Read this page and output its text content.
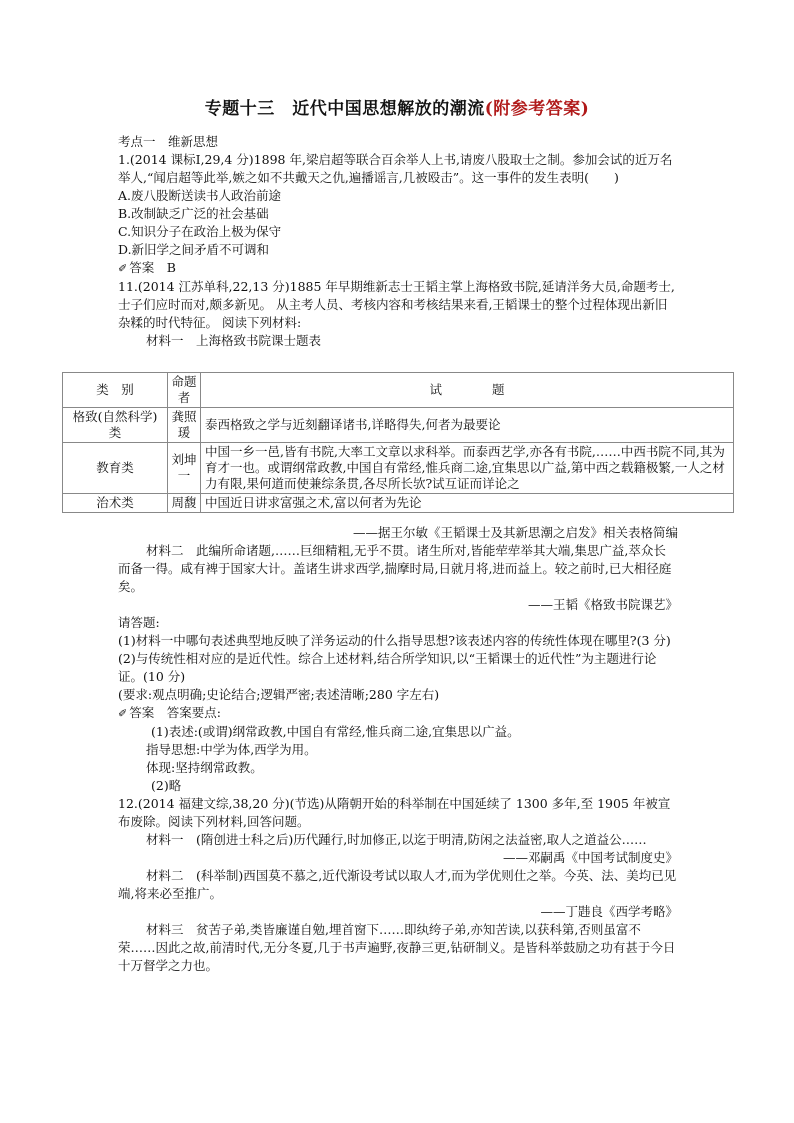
专题十三　近代中国思想解放的潮流(附参考答案)

考点一　维新思想

1.(2014 课标Ⅰ,29,4 分)1898 年,梁启超等联合百余举人上书,请废八股取士之制。参加会试的近万名举人,“闻启超等此举,嫉之如不共戴天之仇,遍播谣言,几被殴击”。这一事件的发生表明(　　)

A.废八股断送读书人政治前途

B.改制缺乏广泛的社会基础

C.知识分子在政治上极为保守

D.新旧学之间矛盾不可调和

✐ 答案　B

11.(2014 江苏单科,22,13 分)1885 年早期维新志士王韬主掌上海格致书院,延请洋务大员,命题考士,士子们应时而对,颇多新见。 从主考人员、考核内容和考核结果来看,王韬课士的整个过程体现出新旧杂糅的时代特征。 阅读下列材料:

材料一　上海格致书院课士题表

类　别	命题者	试　　　　题
格致(自然科学)类	龚照瑗	泰西格致之学与近刻翻译诸书,详略得失,何者为最要论
教育类	刘坤一	中国一乡一邑,皆有书院,大率工文章以求科举。而泰西艺学,亦各有书院,……中西书院不同,其为育才一也。或谓纲常政教,中国自有常经,惟兵商二途,宜集思以广益,第中西之载籍极繁,一人之材力有限,果何道而使兼综条贯,各尽所长欤?试互证而详论之
治术类	周馥	中国近日讲求富强之术,富以何者为先论

——据王尔敏《王韬课士及其新思潮之启发》相关表格简编

材料二　此编所命诸题,……巨细精粗,无乎不贯。诸生所对,皆能荦荦举其大端,集思广益,萃众长而备一得。咸有裨于国家大计。盖诸生讲求西学,揣摩时局,日就月将,进而益上。较之前时,已大相径庭矣。

——王韬《格致书院课艺》

请答题:

(1)材料一中哪句表述典型地反映了洋务运动的什么指导思想?该表述内容的传统性体现在哪里?(3 分)

(2)与传统性相对应的是近代性。综合上述材料,结合所学知识,以“王韬课士的近代性”为主题进行论证。(10 分)

(要求:观点明确;史论结合;逻辑严密;表述清晰;280 字左右)

✐ 答案　答案要点:

(1)表述:(或谓)纲常政教,中国自有常经,惟兵商二途,宜集思以广益。

指导思想:中学为体,西学为用。

体现:坚持纲常政教。

(2)略

12.(2014 福建文综,38,20 分)(节选)从隋朝开始的科举制在中国延续了 1300 多年,至 1905 年被宣布废除。阅读下列材料,回答问题。

材料一　(隋创进士科之后)历代踵行,时加修正,以迄于明清,防闲之法益密,取人之道益公……

——邓嗣禹《中国考试制度史》

材料二　(科举制)西国莫不慕之,近代渐设考试以取人才,而为学优则仕之举。今英、法、美均已见端,将来必至推广。

——丁韪良《西学考略》

材料三　贫苦子弟,类皆廉谨自勉,埋首窗下……即纨绔子弟,亦知苦读,以获科第,否则虽富不荣……因此之故,前清时代,无分冬夏,几于书声遍野,夜静三更,钻研制义。是皆科举鼓励之功有甚于今日十万督学之力也。
